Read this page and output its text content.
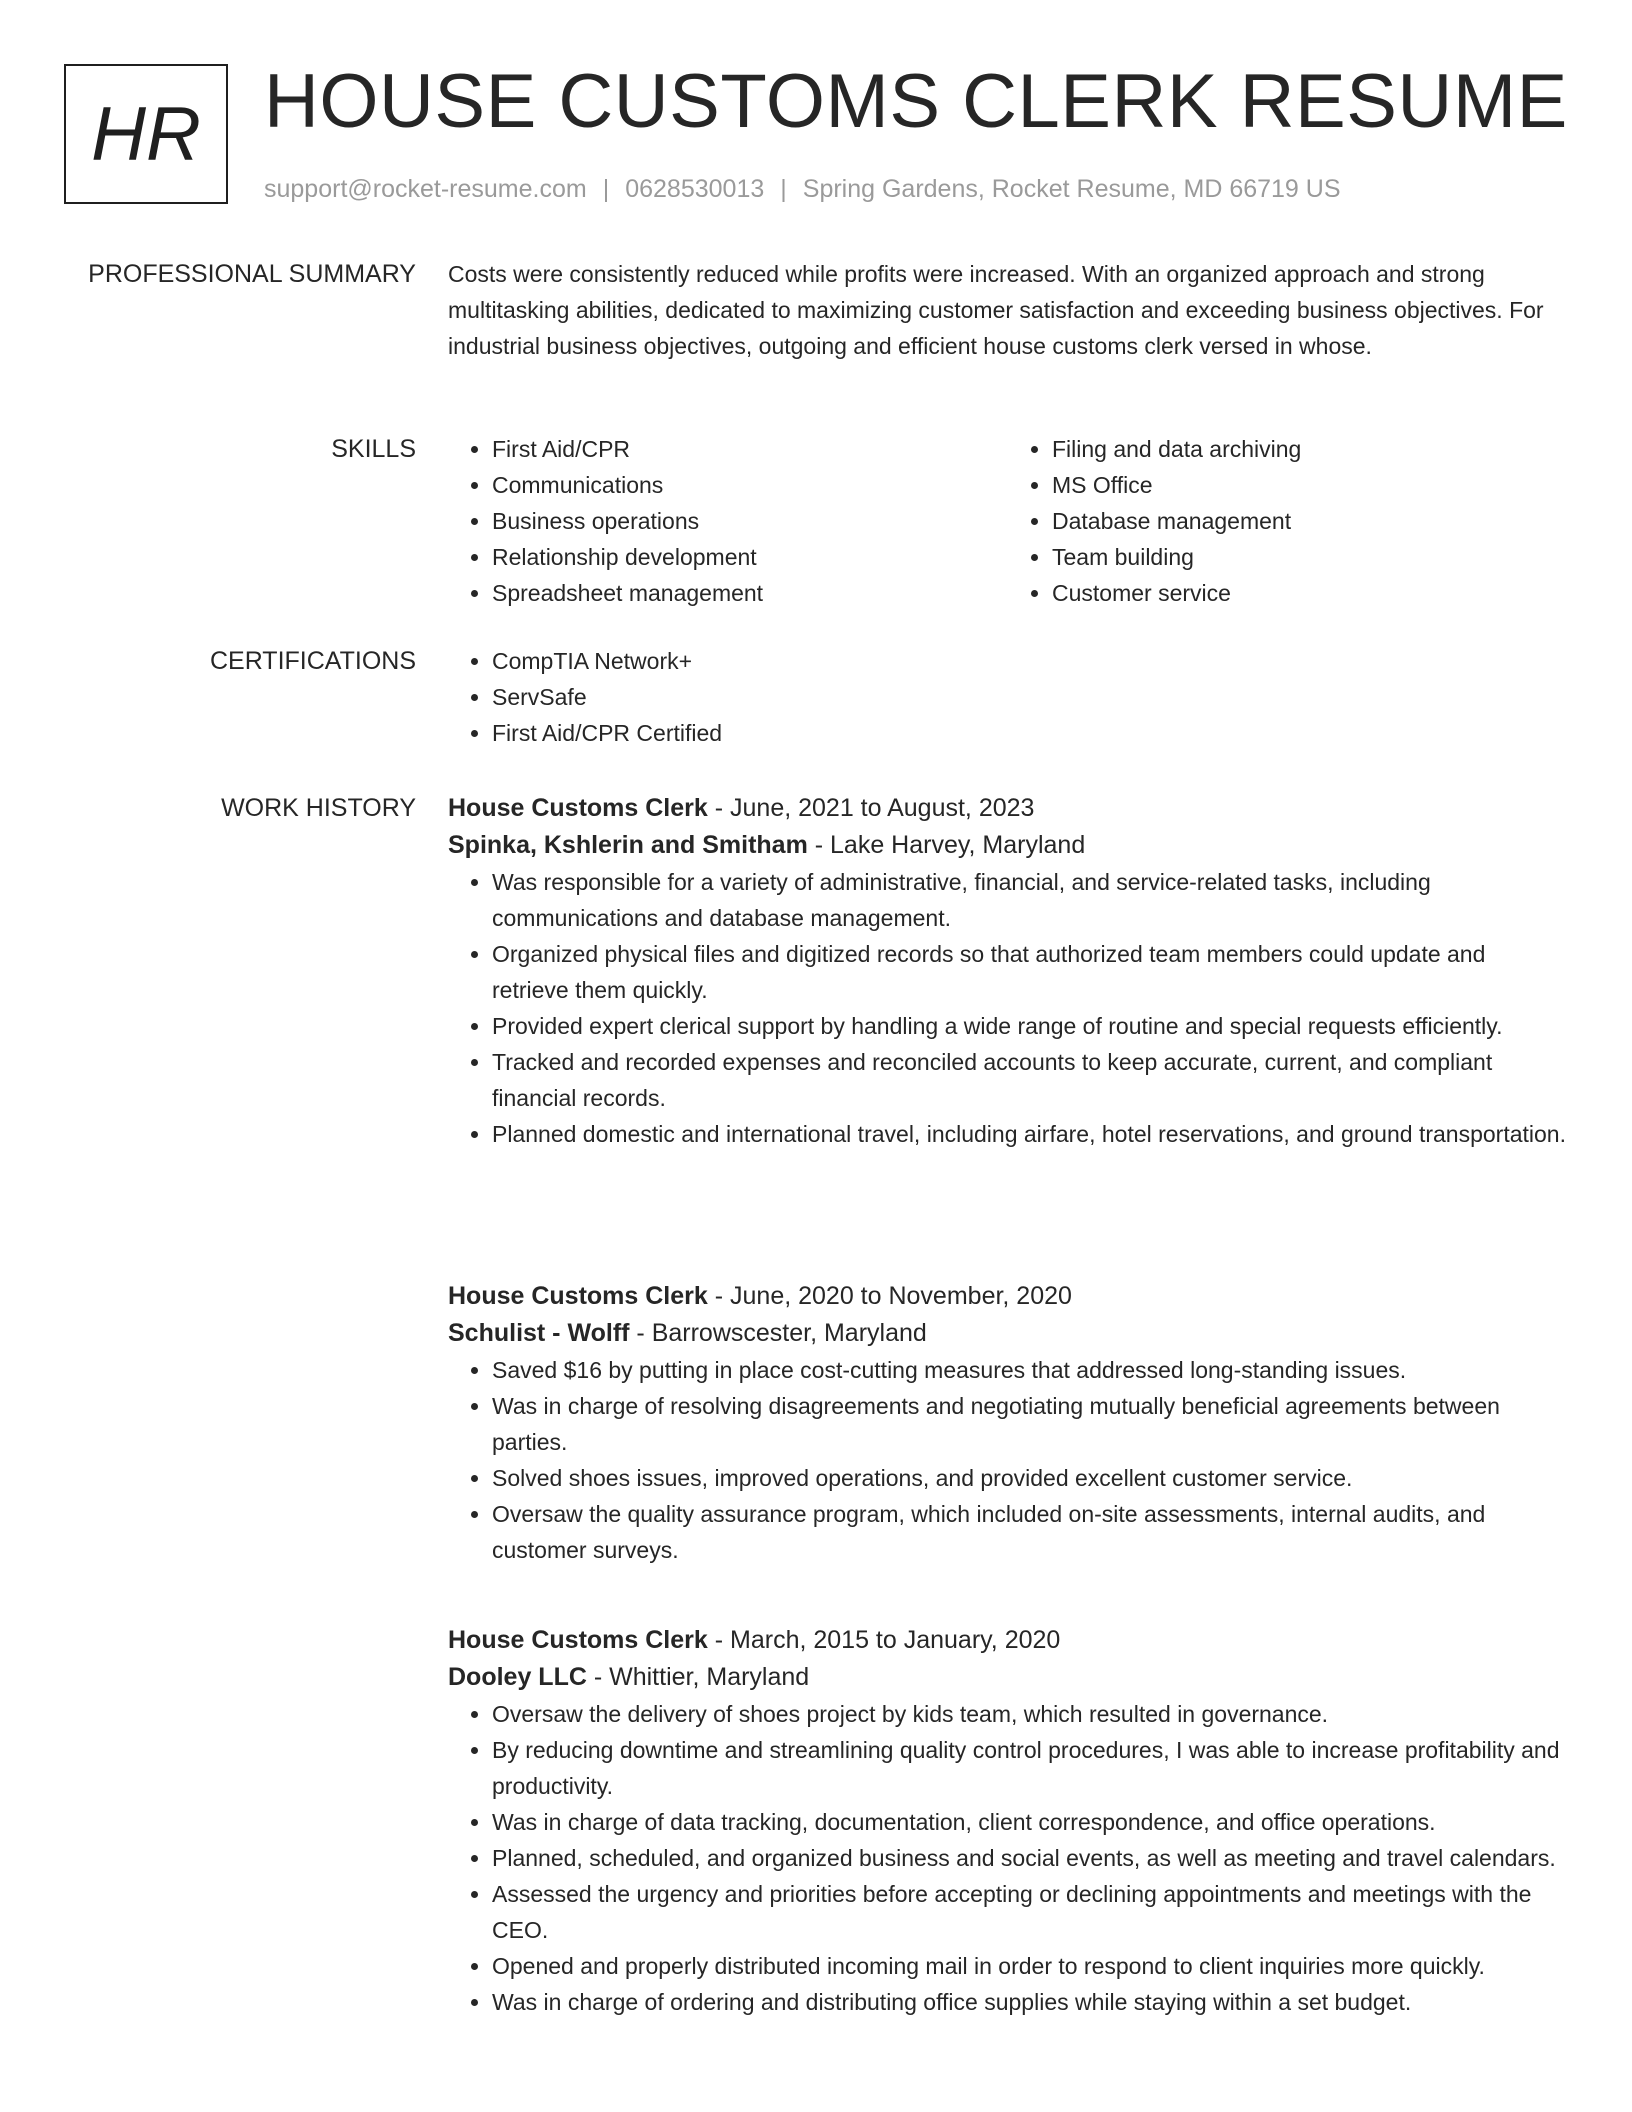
HR HOUSE CUSTOMS CLERK RESUME
support@rocket-resume.com | 0628530013 | Spring Gardens, Rocket Resume, MD 66719 US
PROFESSIONAL SUMMARY Costs were consistently reduced while profits were increased. With an organized approach and strong multitasking abilities, dedicated to maximizing customer satisfaction and exceeding business objectives. For industrial business objectives, outgoing and efficient house customs clerk versed in whose.

SKILLS	• First Aid/CPR
• Communications
• Business operations
• Relationship development
• Spreadsheet management
• Filing and data archiving
• MS Office
• Database management
• Team building
• Customer service
CERTIFICATIONS	• CompTIA Network+
• ServSafe
• First Aid/CPR Certified
WORK HISTORY House Customs Clerk - June, 2021 to August, 2023
Spinka, Kshlerin and Smitham - Lake Harvey, Maryland
• Was responsible for a variety of administrative, financial, and service-related tasks, including communications and database management.
• Organized physical files and digitized records so that authorized team members could update and retrieve them quickly.
• Provided expert clerical support by handling a wide range of routine and special requests efficiently.
• Tracked and recorded expenses and reconciled accounts to keep accurate, current, and compliant financial records.
• Planned domestic and international travel, including airfare, hotel reservations, and ground transportation.
House Customs Clerk - June, 2020 to November, 2020
Schulist - Wolff - Barrowscester, Maryland
• Saved $16 by putting in place cost-cutting measures that addressed long-standing issues.
• Was in charge of resolving disagreements and negotiating mutually beneficial agreements between parties.
• Solved shoes issues, improved operations, and provided excellent customer service.
• Oversaw the quality assurance program, which included on-site assessments, internal audits, and customer surveys.
House Customs Clerk - March, 2015 to January, 2020
Dooley LLC - Whittier, Maryland
• Oversaw the delivery of shoes project by kids team, which resulted in governance.
• By reducing downtime and streamlining quality control procedures, I was able to increase profitability and productivity.
• Was in charge of data tracking, documentation, client correspondence, and office operations.
• Planned, scheduled, and organized business and social events, as well as meeting and travel calendars.
• Assessed the urgency and priorities before accepting or declining appointments and meetings with the CEO.
• Opened and properly distributed incoming mail in order to respond to client inquiries more quickly.
• Was in charge of ordering and distributing office supplies while staying within a set budget.
